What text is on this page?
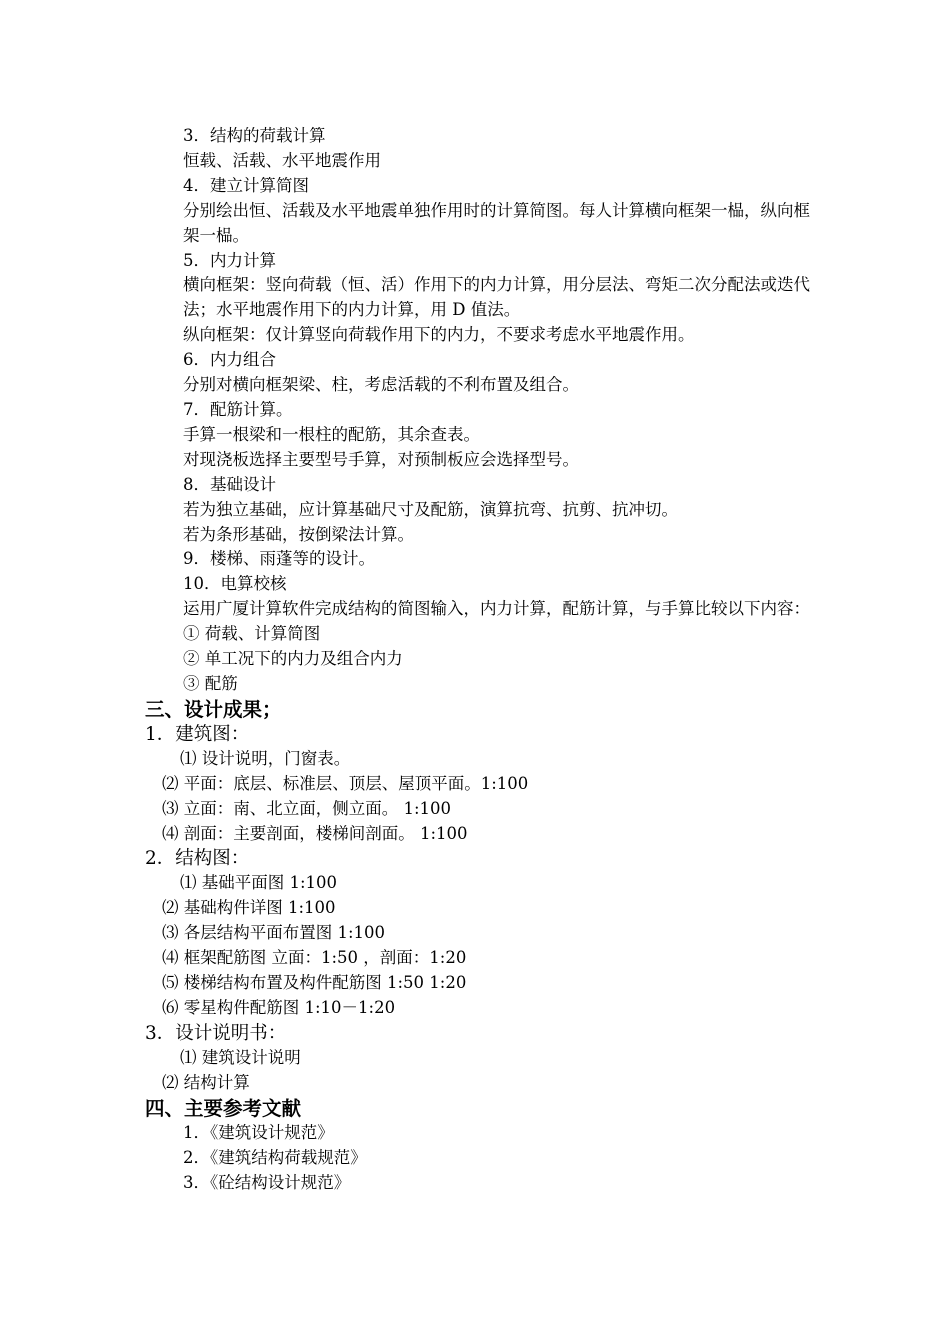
3．结构的荷载计算
恒载、活载、水平地震作用
4．建立计算简图
分别绘出恒、活载及水平地震单独作用时的计算简图。每人计算横向框架一榀，纵向框架一榀。
5．内力计算
横向框架：竖向荷载（恒、活）作用下的内力计算，用分层法、弯矩二次分配法或迭代法；水平地震作用下的内力计算，用 D 值法。
纵向框架：仅计算竖向荷载作用下的内力，不要求考虑水平地震作用。
6．内力组合
分别对横向框架梁、柱，考虑活载的不利布置及组合。
7．配筋计算。
手算一根梁和一根柱的配筋，其余查表。
对现浇板选择主要型号手算，对预制板应会选择型号。
8．基础设计
若为独立基础，应计算基础尺寸及配筋，演算抗弯、抗剪、抗冲切。
若为条形基础，按倒梁法计算。
9．楼梯、雨蓬等的设计。
10．电算校核
运用广厦计算软件完成结构的简图输入，内力计算，配筋计算，与手算比较以下内容：
① 荷载、计算简图
② 单工况下的内力及组合内力
③ 配筋
三、设计成果；
1．建筑图：
⑴ 设计说明，门窗表。
⑵ 平面：底层、标准层、顶层、屋顶平面。1:100
⑶ 立面：南、北立面，侧立面。 1:100
⑷ 剖面：主要剖面，楼梯间剖面。 1:100
2．结构图：
⑴ 基础平面图 1:100
⑵ 基础构件详图 1:100
⑶ 各层结构平面布置图 1:100
⑷ 框架配筋图 立面：1:50 ，剖面：1:20
⑸ 楼梯结构布置及构件配筋图 1:50 1:20
⑹ 零星构件配筋图 1:10－1:20
3．设计说明书：
⑴ 建筑设计说明
⑵ 结构计算
四、主要参考文献
1．《建筑设计规范》
2．《建筑结构荷载规范》
3．《砼结构设计规范》
